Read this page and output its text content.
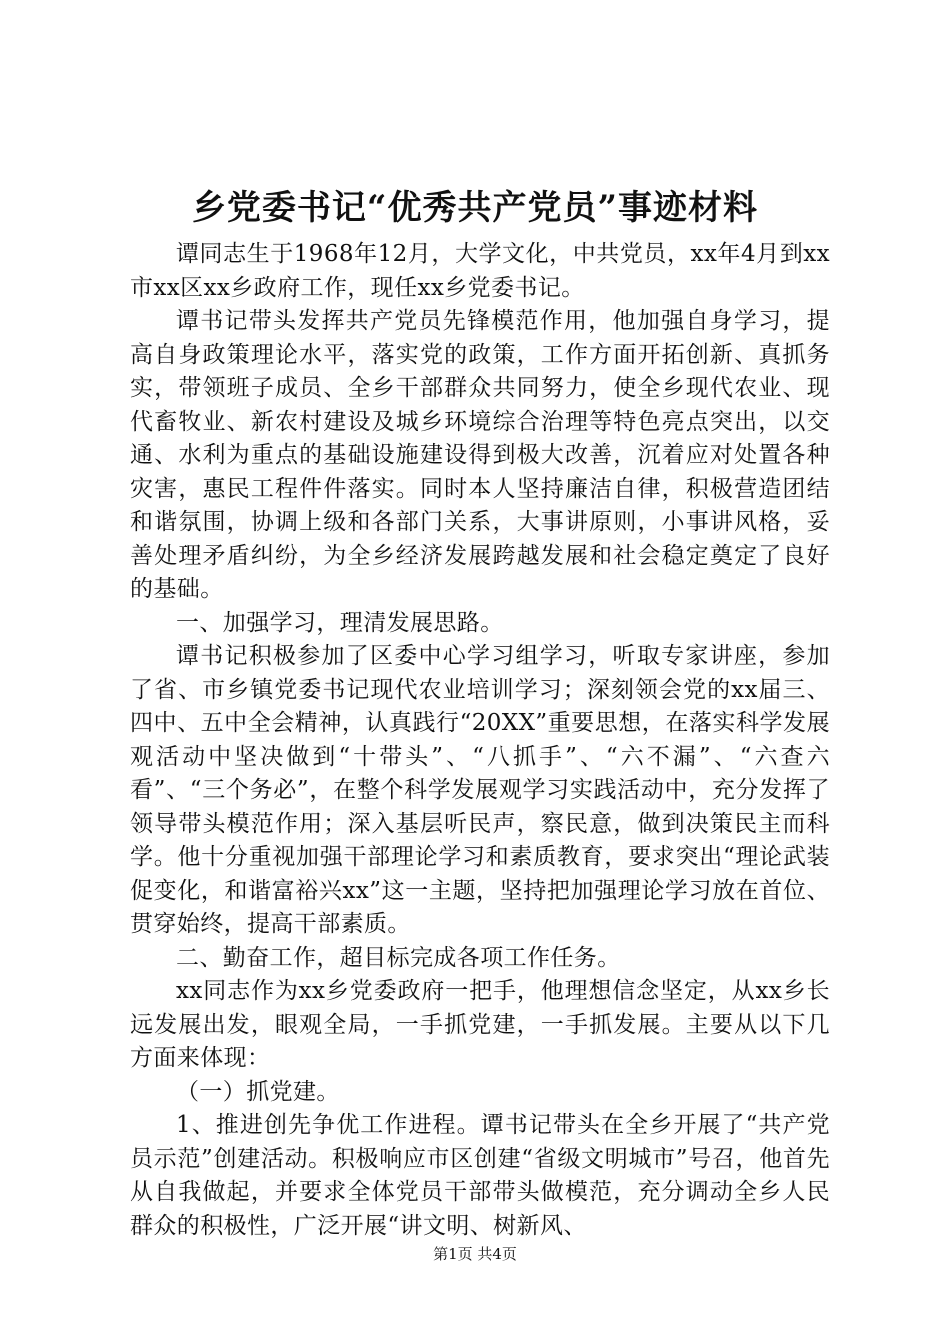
乡党委书记“优秀共产党员”事迹材料

谭同志生于1968年12月，大学文化，中共党员，xx年4月到xx市xx区xx乡政府工作，现任xx乡党委书记。

谭书记带头发挥共产党员先锋模范作用，他加强自身学习，提高自身政策理论水平，落实党的政策，工作方面开拓创新、真抓务实，带领班子成员、全乡干部群众共同努力，使全乡现代农业、现代畜牧业、新农村建设及城乡环境综合治理等特色亮点突出，以交通、水利为重点的基础设施建设得到极大改善，沉着应对处置各种灾害，惠民工程件件落实。同时本人坚持廉洁自律，积极营造团结和谐氛围，协调上级和各部门关系，大事讲原则，小事讲风格，妥善处理矛盾纠纷，为全乡经济发展跨越发展和社会稳定奠定了良好的基础。

一、加强学习，理清发展思路。

谭书记积极参加了区委中心学习组学习，听取专家讲座，参加了省、市乡镇党委书记现代农业培训学习；深刻领会党的xx届三、四中、五中全会精神，认真践行“20XX”重要思想，在落实科学发展观活动中坚决做到“十带头”、“八抓手”、“六不漏”、“六查六看”、“三个务必”，在整个科学发展观学习实践活动中，充分发挥了领导带头模范作用；深入基层听民声，察民意，做到决策民主而科学。他十分重视加强干部理论学习和素质教育，要求突出“理论武装促变化，和谐富裕兴xx”这一主题，坚持把加强理论学习放在首位、贯穿始终，提高干部素质。

二、勤奋工作，超目标完成各项工作任务。

xx同志作为xx乡党委政府一把手，他理想信念坚定，从xx乡长远发展出发，眼观全局，一手抓党建，一手抓发展。主要从以下几方面来体现：

（一）抓党建。

1、推进创先争优工作进程。谭书记带头在全乡开展了“共产党员示范”创建活动。积极响应市区创建“省级文明城市”号召，他首先从自我做起，并要求全体党员干部带头做模范，充分调动全乡人民群众的积极性，广泛开展“讲文明、树新风、

第1页 共4页
